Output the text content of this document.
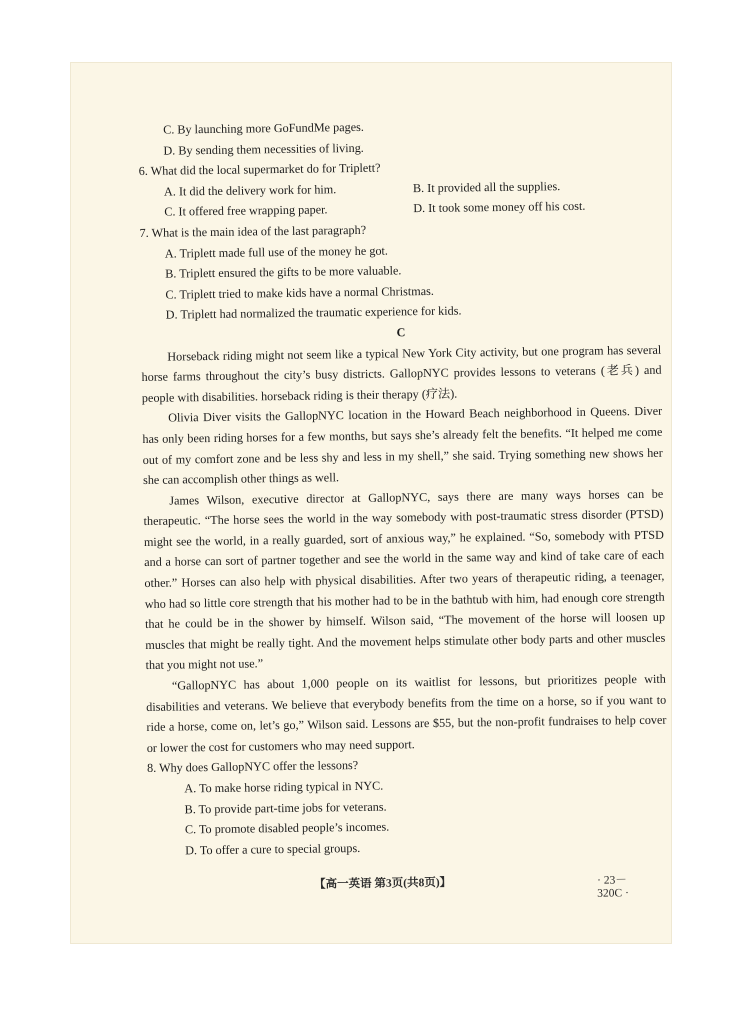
C. By launching more GoFundMe pages.
D. By sending them necessities of living.
6. What did the local supermarket do for Triplett?
A. It did the delivery work for him.	B. It provided all the supplies.
C. It offered free wrapping paper.	D. It took some money off his cost.
7. What is the main idea of the last paragraph?
A. Triplett made full use of the money he got.
B. Triplett ensured the gifts to be more valuable.
C. Triplett tried to make kids have a normal Christmas.
D. Triplett had normalized the traumatic experience for kids.
C

Horseback riding might not seem like a typical New York City activity, but one program has several horse farms throughout the city’s busy districts. GallopNYC provides lessons to veterans (老兵) and people with disabilities. horseback riding is their therapy (疗法).

Olivia Diver visits the GallopNYC location in the Howard Beach neighborhood in Queens. Diver has only been riding horses for a few months, but says she’s already felt the benefits. “It helped me come out of my comfort zone and be less shy and less in my shell,” she said. Trying something new shows her she can accomplish other things as well.

James Wilson, executive director at GallopNYC, says there are many ways horses can be therapeutic. “The horse sees the world in the way somebody with post-traumatic stress disorder (PTSD) might see the world, in a really guarded, sort of anxious way,” he explained. “So, somebody with PTSD and a horse can sort of partner together and see the world in the same way and kind of take care of each other.” Horses can also help with physical disabilities. After two years of therapeutic riding, a teenager, who had so little core strength that his mother had to be in the bathtub with him, had enough core strength that he could be in the shower by himself. Wilson said, “The movement of the horse will loosen up muscles that might be really tight. And the movement helps stimulate other body parts and other muscles that you might not use.”

“GallopNYC has about 1,000 people on its waitlist for lessons, but prioritizes people with disabilities and veterans. We believe that everybody benefits from the time on a horse, so if you want to ride a horse, come on, let’s go,” Wilson said. Lessons are $55, but the non-profit fundraises to help cover or lower the cost for customers who may need support.

8. Why does GallopNYC offer the lessons?
A. To make horse riding typical in NYC.
B. To provide part-time jobs for veterans.
C. To promote disabled people’s incomes.
D. To offer a cure to special groups.
【高一英语 第3页(共8页)】	· 23－320C ·
